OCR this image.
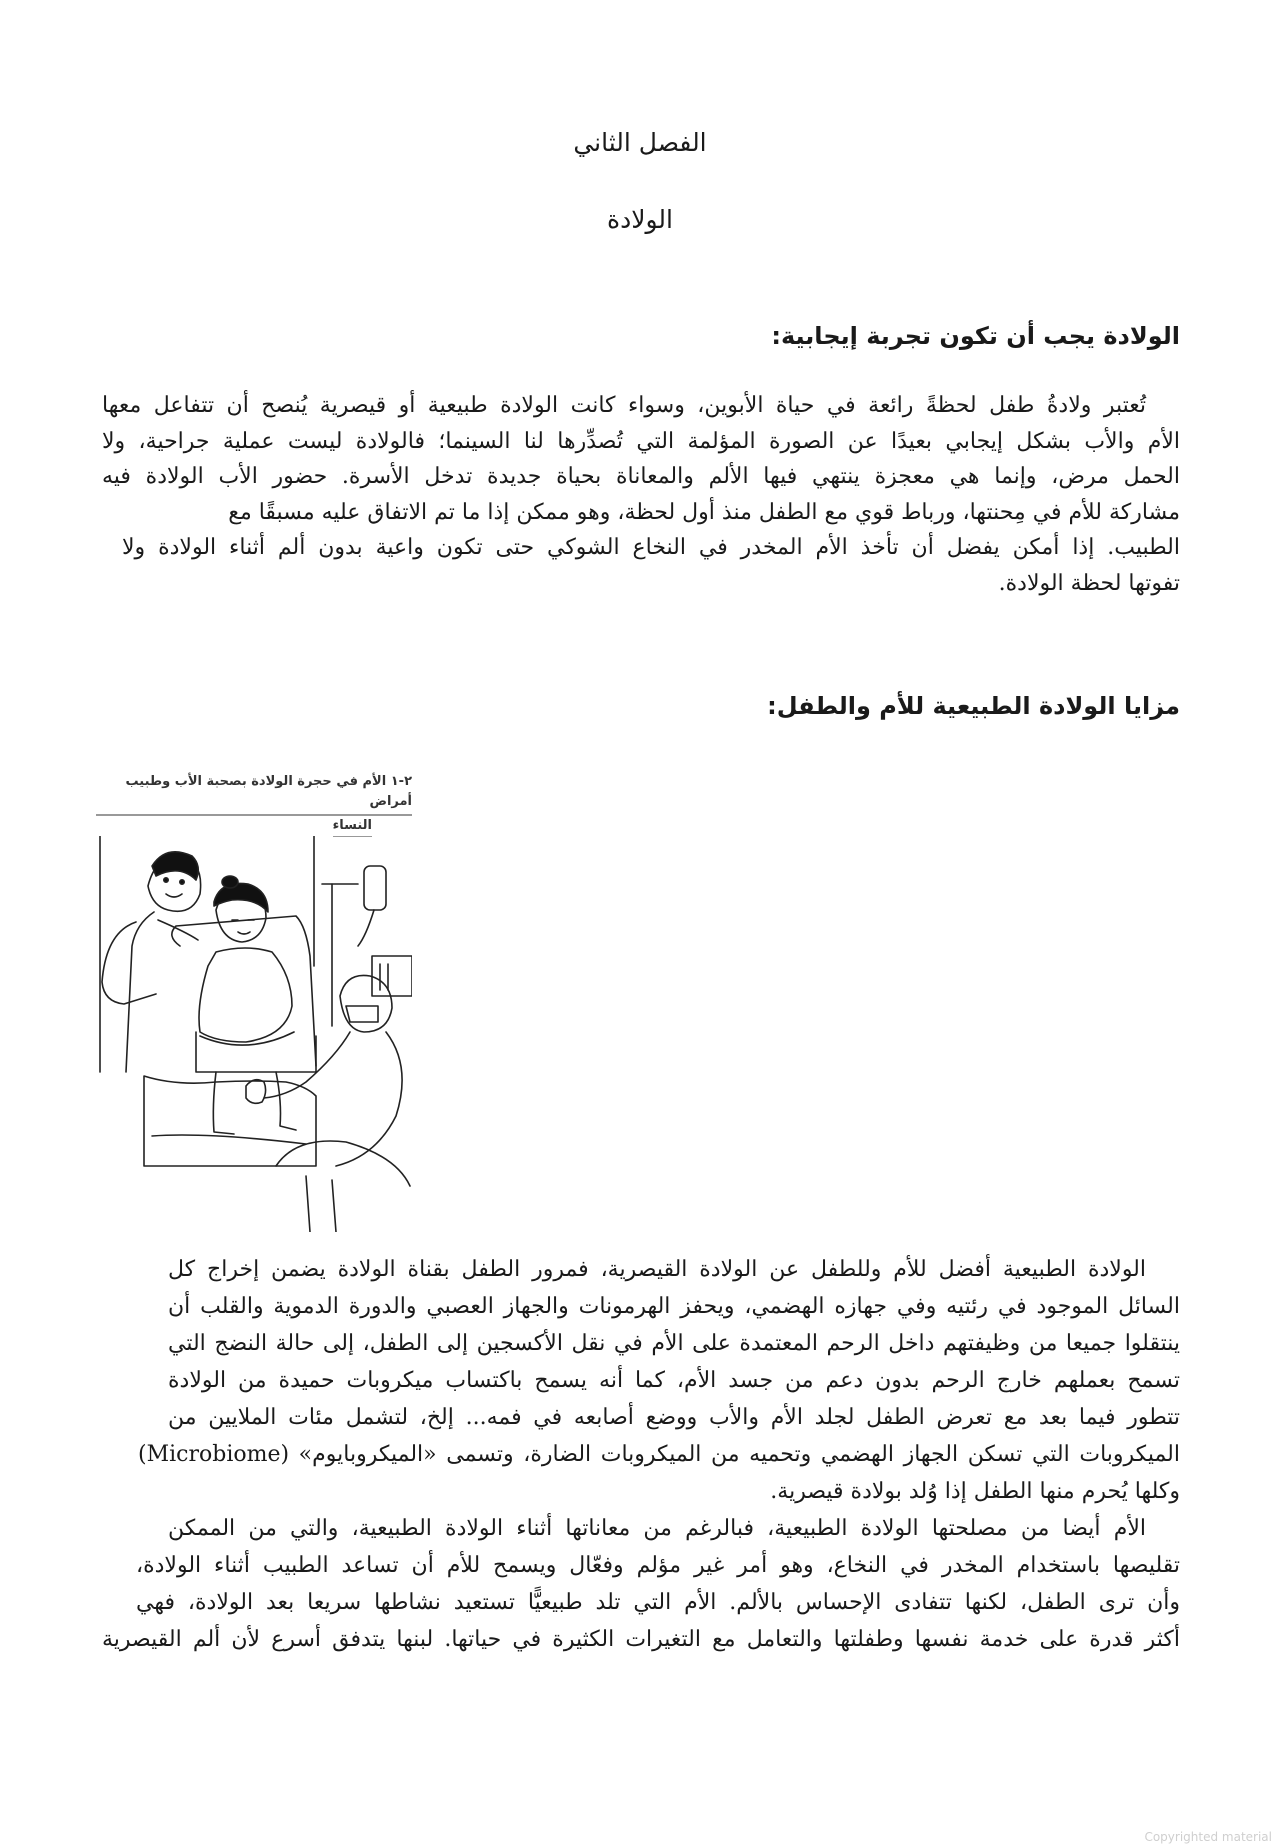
الفصل الثاني
الولادة
الولادة يجب أن تكون تجربة إيجابية:
تُعتبر ولادةُ طفل لحظةً رائعة في حياة الأبوين، وسواء كانت الولادة طبيعية أو قيصرية يُنصح أن تتفاعل معها
الأم والأب بشكل إيجابي بعيدًا عن الصورة المؤلمة التي تُصدِّرها لنا السينما؛ فالولادة ليست عملية جراحية، ولا
الحمل مرض، وإنما هي معجزة ينتهي فيها الألم والمعاناة بحياة جديدة تدخل الأسرة. حضور الأب الولادة فيه
مشاركة للأم في مِحنتها، ورباط قوي مع الطفل منذ أول لحظة، وهو ممكن إذا ما تم الاتفاق عليه مسبقًا مع
الطبيب. إذا أمكن يفضل أن تأخذ الأم المخدر في النخاع الشوكي حتى تكون واعية بدون ألم أثناء الولادة ولا
تفوتها لحظة الولادة.
مزايا الولادة الطبيعية للأم والطفل:
٢-١ الأم في حجرة الولادة بصحبة الأب وطبيب أمراض
النساء
الولادة الطبيعية أفضل للأم وللطفل عن الولادة القيصرية، فمرور الطفل بقناة الولادة يضمن إخراج كل
السائل الموجود في رئتيه وفي جهازه الهضمي، ويحفز الهرمونات والجهاز العصبي والدورة الدموية والقلب أن
ينتقلوا جميعا من وظيفتهم داخل الرحم المعتمدة على الأم في نقل الأكسجين إلى الطفل، إلى حالة النضج التي
تسمح بعملهم خارج الرحم بدون دعم من جسد الأم، كما أنه يسمح باكتساب ميكروبات حميدة من الولادة
تتطور فيما بعد مع تعرض الطفل لجلد الأم والأب ووضع أصابعه في فمه... إلخ، لتشمل مئات الملايين من
الميكروبات التي تسكن الجهاز الهضمي وتحميه من الميكروبات الضارة، وتسمى «الميكروبايوم» (Microbiome)
وكلها يُحرم منها الطفل إذا وُلد بولادة قيصرية.
الأم أيضا من مصلحتها الولادة الطبيعية، فبالرغم من معاناتها أثناء الولادة الطبيعية، والتي من الممكن
تقليصها باستخدام المخدر في النخاع، وهو أمر غير مؤلم وفعّال ويسمح للأم أن تساعد الطبيب أثناء الولادة،
وأن ترى الطفل، لكنها تتفادى الإحساس بالألم. الأم التي تلد طبيعيًّا تستعيد نشاطها سريعا بعد الولادة، فهي
أكثر قدرة على خدمة نفسها وطفلتها والتعامل مع التغيرات الكثيرة في حياتها. لبنها يتدفق أسرع لأن ألم القيصرية
Copyrighted material
